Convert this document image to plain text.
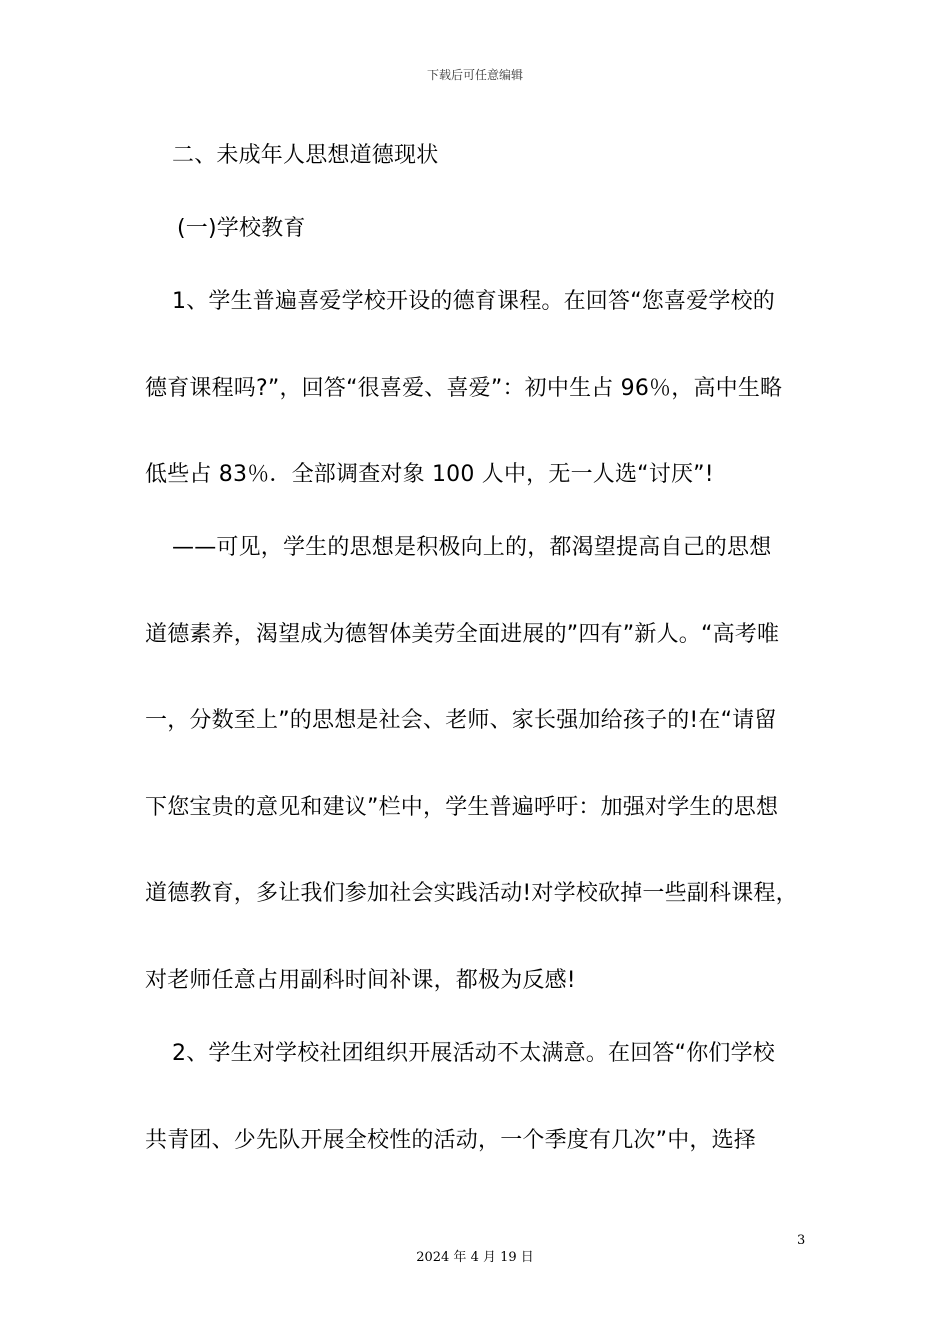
下载后可任意编辑
二、未成年人思想道德现状
(一)学校教育
1、学生普遍喜爱学校开设的德育课程。在回答“您喜爱学校的
德育课程吗?”，回答“很喜爱、喜爱”：初中生占 96％，高中生略
低些占 83％．全部调查对象 100 人中，无一人选“讨厌”!
——可见，学生的思想是积极向上的，都渴望提高自己的思想
道德素养，渴望成为德智体美劳全面进展的”四有”新人。“高考唯
一，分数至上”的思想是社会、老师、家长强加给孩子的!在“请留
下您宝贵的意见和建议”栏中，学生普遍呼吁：加强对学生的思想
道德教育，多让我们参加社会实践活动!对学校砍掉一些副科课程，
对老师任意占用副科时间补课，都极为反感!
2、学生对学校社团组织开展活动不太满意。在回答“你们学校
共青团、少先队开展全校性的活动，一个季度有几次”中，选择
3
2024 年 4 月 19 日
